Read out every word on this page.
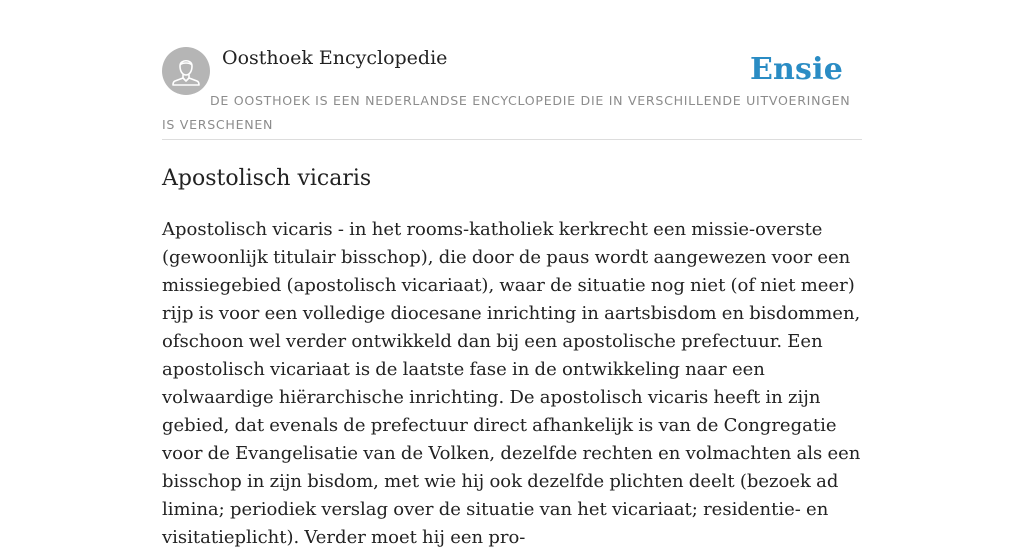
Oosthoek Encyclopedie	Ensie
DE OOSTHOEK IS EEN NEDERLANDSE ENCYCLOPEDIE DIE IN VERSCHILLENDE UITVOERINGEN IS VERSCHENEN
Apostolisch vicaris

Apostolisch vicaris - in het rooms-katholiek kerkrecht een missie-overste (gewoonlijk titulair bisschop), die door de paus wordt aangewezen voor een missiegebied (apostolisch vicariaat), waar de situatie nog niet (of niet meer) rijp is voor een volledige diocesane inrichting in aartsbisdom en bisdommen, ofschoon wel verder ontwikkeld dan bij een apostolische prefectuur. Een apostolisch vicariaat is de laatste fase in de ontwikkeling naar een volwaardige hiërarchische inrichting. De apostolisch vicaris heeft in zijn gebied, dat evenals de prefectuur direct afhankelijk is van de Congregatie voor de Evangelisatie van de Volken, dezelfde rechten en volmachten als een bisschop in zijn bisdom, met wie hij ook dezelfde plichten deelt (bezoek ad limina; periodiek verslag over de situatie van het vicariaat; residentie- en visitatieplicht). Verder moet hij een pro-
